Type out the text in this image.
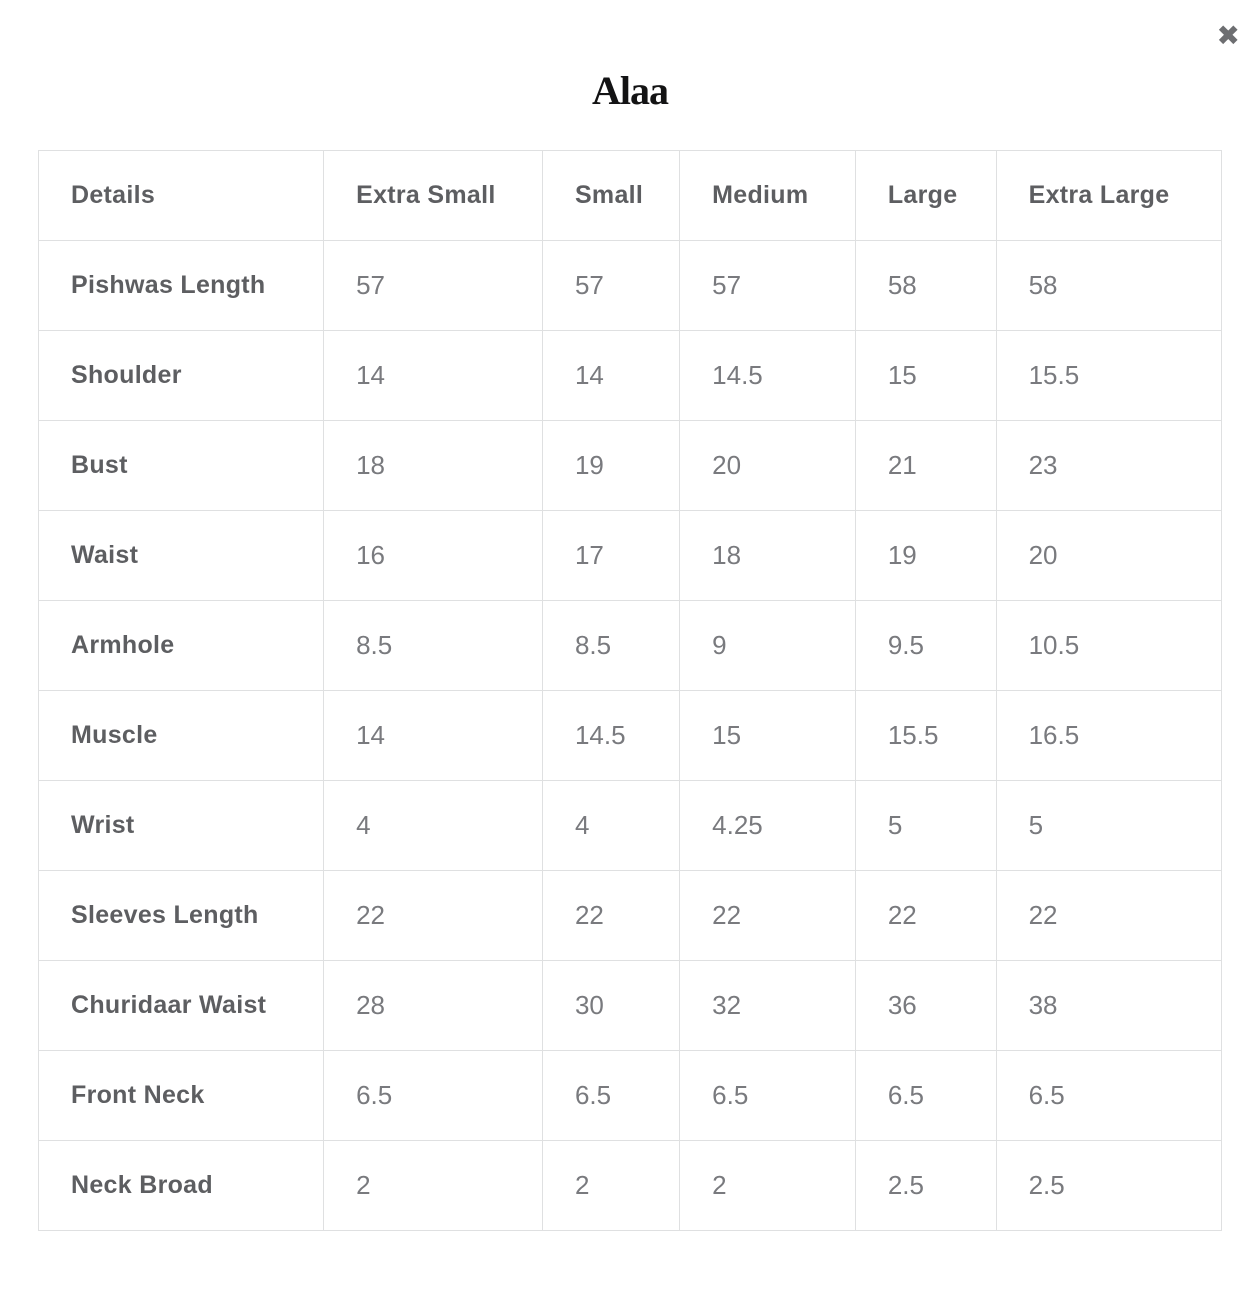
✖
Alaa
Details	Extra Small	Small	Medium	Large	Extra Large
Pishwas Length	57	57	57	58	58
Shoulder	14	14	14.5	15	15.5
Bust	18	19	20	21	23
Waist	16	17	18	19	20
Armhole	8.5	8.5	9	9.5	10.5
Muscle	14	14.5	15	15.5	16.5
Wrist	4	4	4.25	5	5
Sleeves Length	22	22	22	22	22
Churidaar Waist	28	30	32	36	38
Front Neck	6.5	6.5	6.5	6.5	6.5
Neck Broad	2	2	2	2.5	2.5
